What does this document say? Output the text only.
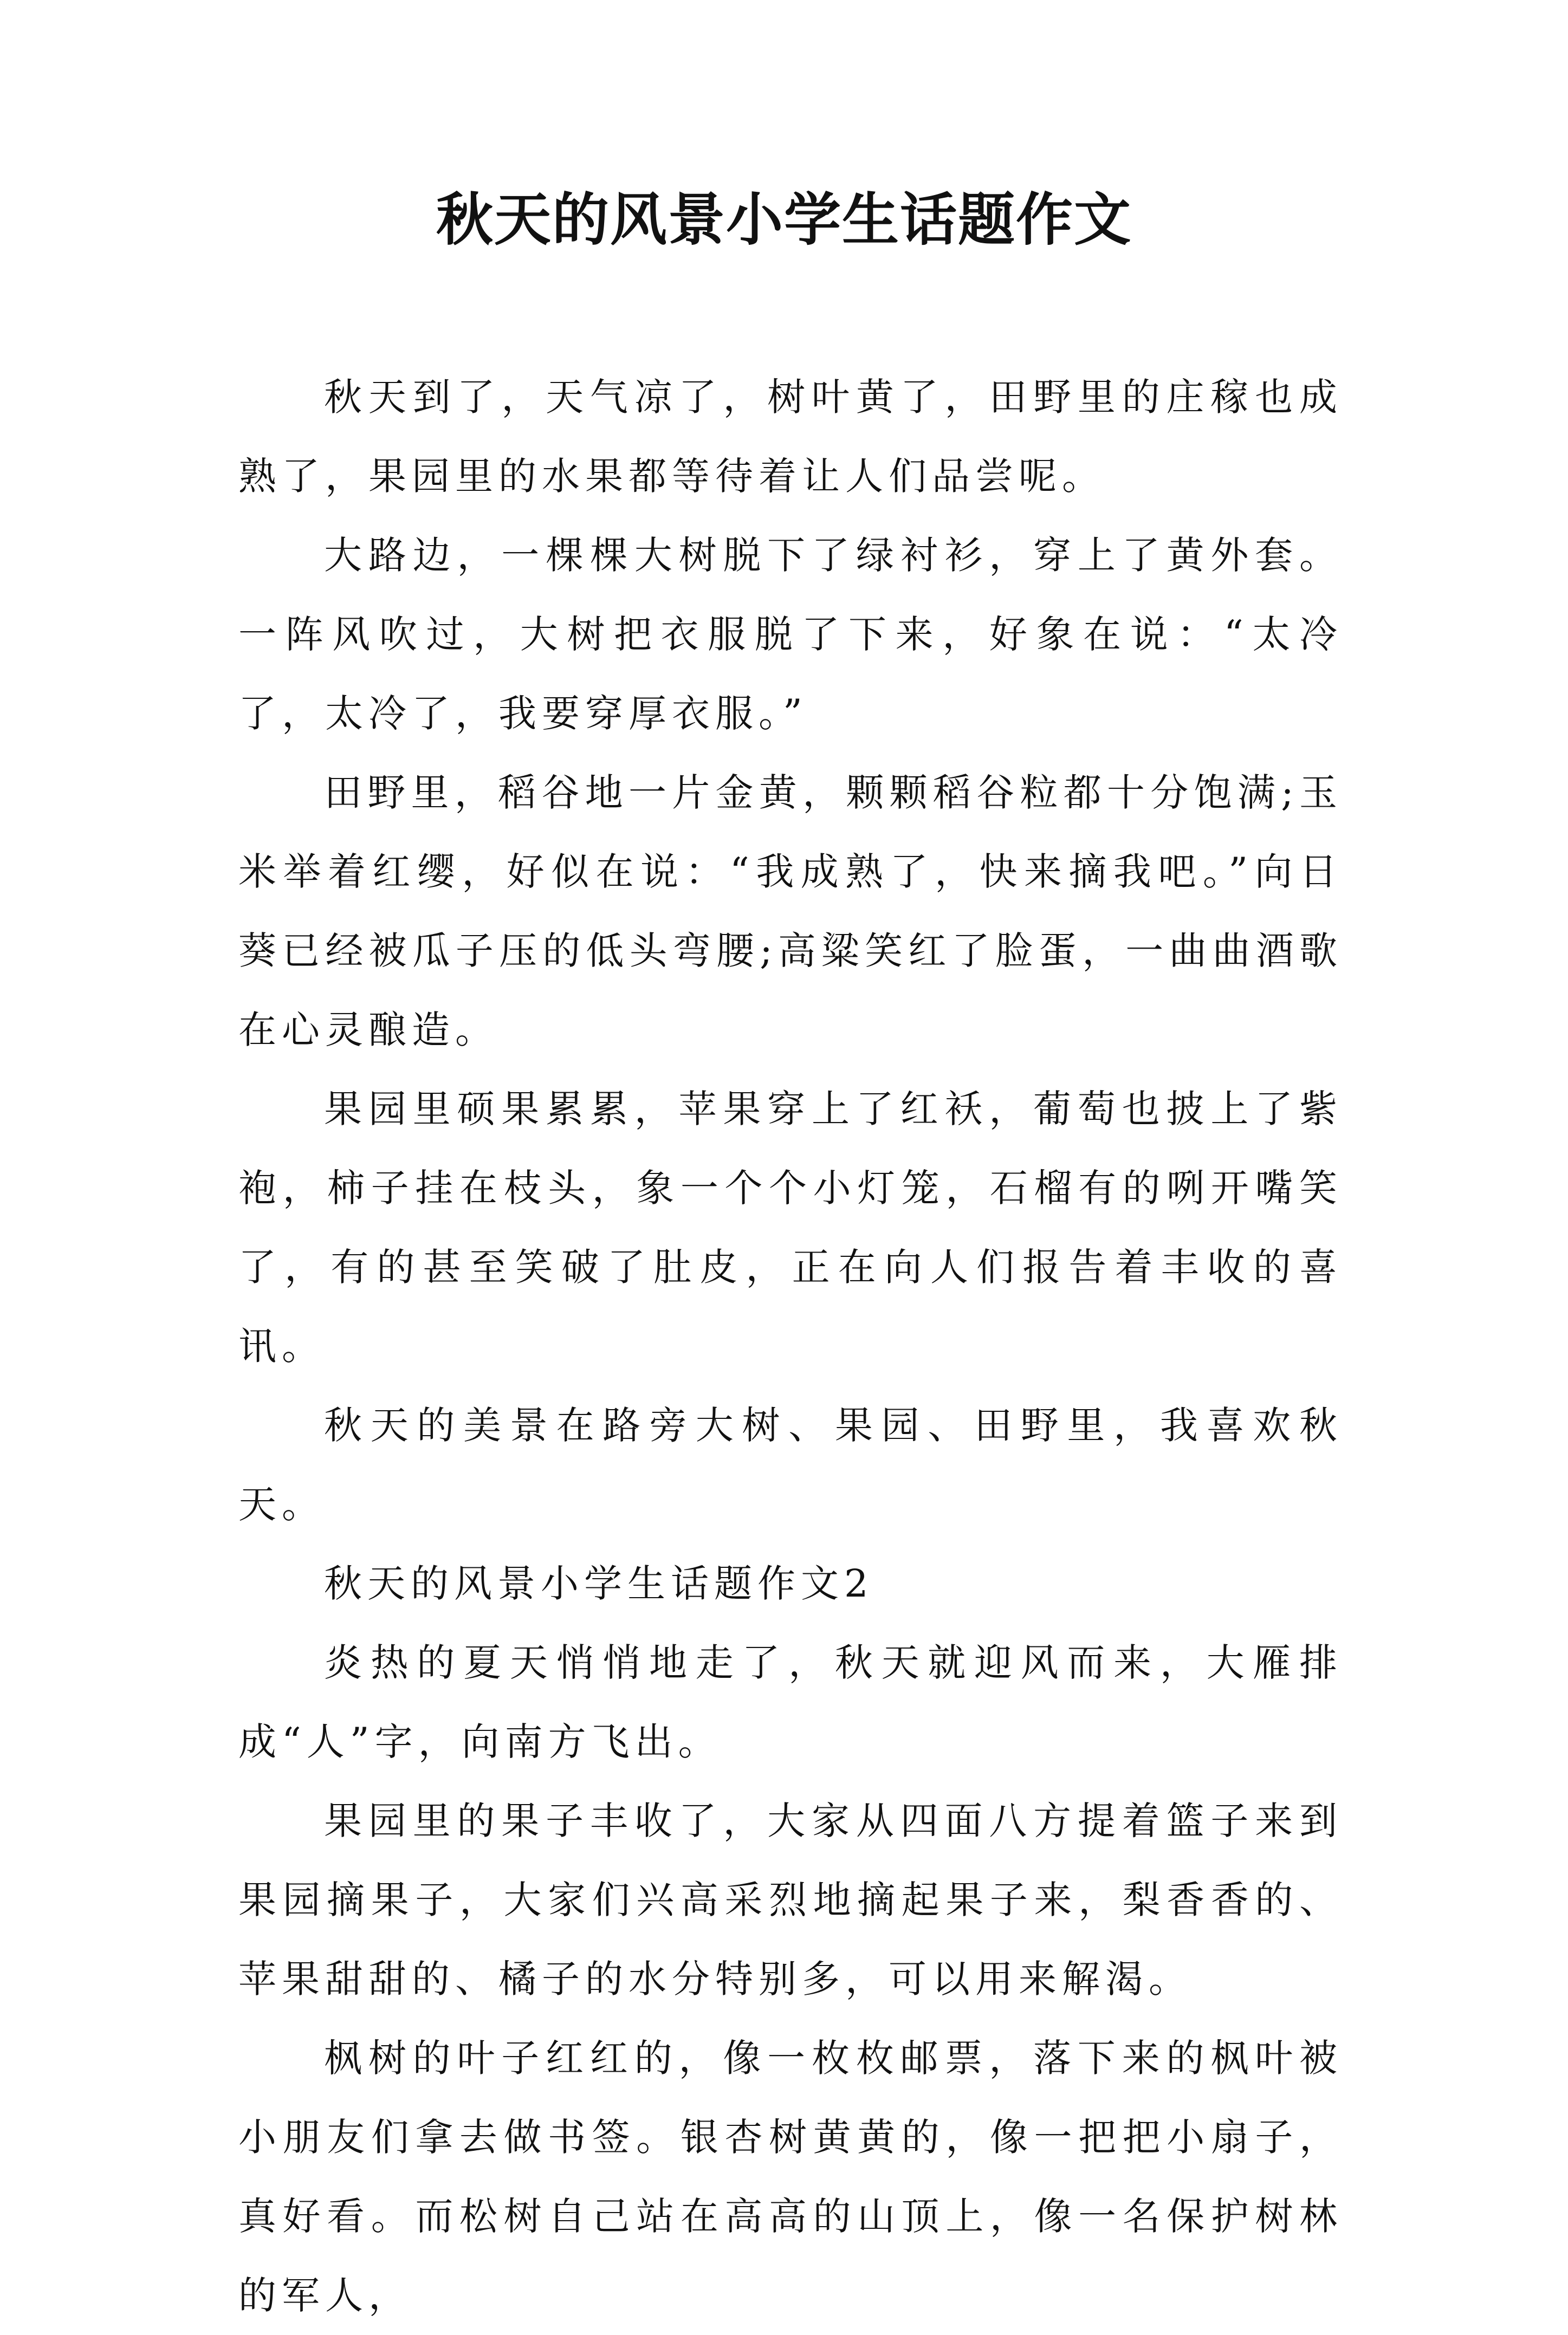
秋天的风景小学生话题作文

秋天到了，天气凉了，树叶黄了，田野里的庄稼也成熟了，果园里的水果都等待着让人们品尝呢。

大路边，一棵棵大树脱下了绿衬衫，穿上了黄外套。一阵风吹过，大树把衣服脱了下来，好象在说：“太冷了，太冷了，我要穿厚衣服。”

田野里，稻谷地一片金黄，颗颗稻谷粒都十分饱满;玉米举着红缨，好似在说：“我成熟了，快来摘我吧。”向日葵已经被瓜子压的低头弯腰;高粱笑红了脸蛋，一曲曲酒歌在心灵酿造。

果园里硕果累累，苹果穿上了红袄，葡萄也披上了紫袍，柿子挂在枝头，象一个个小灯笼，石榴有的咧开嘴笑了，有的甚至笑破了肚皮，正在向人们报告着丰收的喜讯。

秋天的美景在路旁大树、果园、田野里，我喜欢秋天。

秋天的风景小学生话题作文2

炎热的夏天悄悄地走了，秋天就迎风而来，大雁排成“人”字，向南方飞出。

果园里的果子丰收了，大家从四面八方提着篮子来到果园摘果子，大家们兴高采烈地摘起果子来，梨香香的、苹果甜甜的、橘子的水分特别多，可以用来解渴。

枫树的叶子红红的，像一枚枚邮票，落下来的枫叶被小朋友们拿去做书签。银杏树黄黄的，像一把把小扇子，真好看。而松树自己站在高高的山顶上，像一名保护树林的军人，
